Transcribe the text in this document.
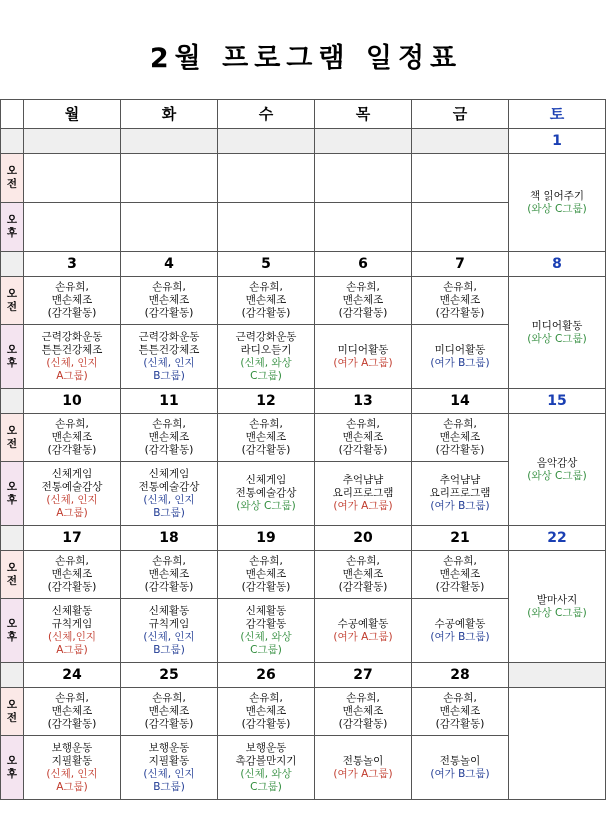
2월 프로그램 일정표
	월	화	수	목	금	토
						1

오
전						책 읽어주기
(와상 C그룹)

오
후						

	3	4	5	6	7	8

오
전	손유희,
맨손체조
(감각활동)	손유희,
맨손체조
(감각활동)	손유희,
맨손체조
(감각활동)	손유희,
맨손체조
(감각활동)	손유희,
맨손체조
(감각활동)	미디어활동
(와상 C그룹)

오
후	근력강화운동
튼튼건강체조
(신체, 인지
A그룹)	근력강화운동
튼튼건강체조
(신체, 인지
B그룹)	근력강화운동
라디오듣기
(신체, 와상
C그룹)	미디어활동
(여가 A그룹)	미디어활동
(여가 B그룹)	

	10	11	12	13	14	15

오
전	손유희,
맨손체조
(감각활동)	손유희,
맨손체조
(감각활동)	손유희,
맨손체조
(감각활동)	손유희,
맨손체조
(감각활동)	손유희,
맨손체조
(감각활동)	음악감상
(와상 C그룹)

오
후	신체게임
전통예술감상
(신체, 인지
A그룹)	신체게임
전통예술감상
(신체, 인지
B그룹)	신체게임
전통예술감상
(와상 C그룹)	추억냠냠
요리프로그램
(여가 A그룹)	추억냠냠
요리프로그램
(여가 B그룹)	

	17	18	19	20	21	22

오
전	손유희,
맨손체조
(감각활동)	손유희,
맨손체조
(감각활동)	손유희,
맨손체조
(감각활동)	손유희,
맨손체조
(감각활동)	손유희,
맨손체조
(감각활동)	발마사지
(와상 C그룹)

오
후	신체활동
규칙게임
(신체,인지
A그룹)	신체활동
규칙게임
(신체, 인지
B그룹)	신체활동
감각활동
(신체, 와상
C그룹)	수공예활동
(여가 A그룹)	수공예활동
(여가 B그룹)	

	24	25	26	27	28	

오
전	손유희,
맨손체조
(감각활동)	손유희,
맨손체조
(감각활동)	손유희,
맨손체조
(감각활동)	손유희,
맨손체조
(감각활동)	손유희,
맨손체조
(감각활동)	

오
후	보행운동
지필활동
(신체, 인지
A그룹)	보행운동
지필활동
(신체, 인지
B그룹)	보행운동
촉감볼만지기
(신체, 와상
C그룹)	전통놀이
(여가 A그룹)	전통놀이
(여가 B그룹)	
